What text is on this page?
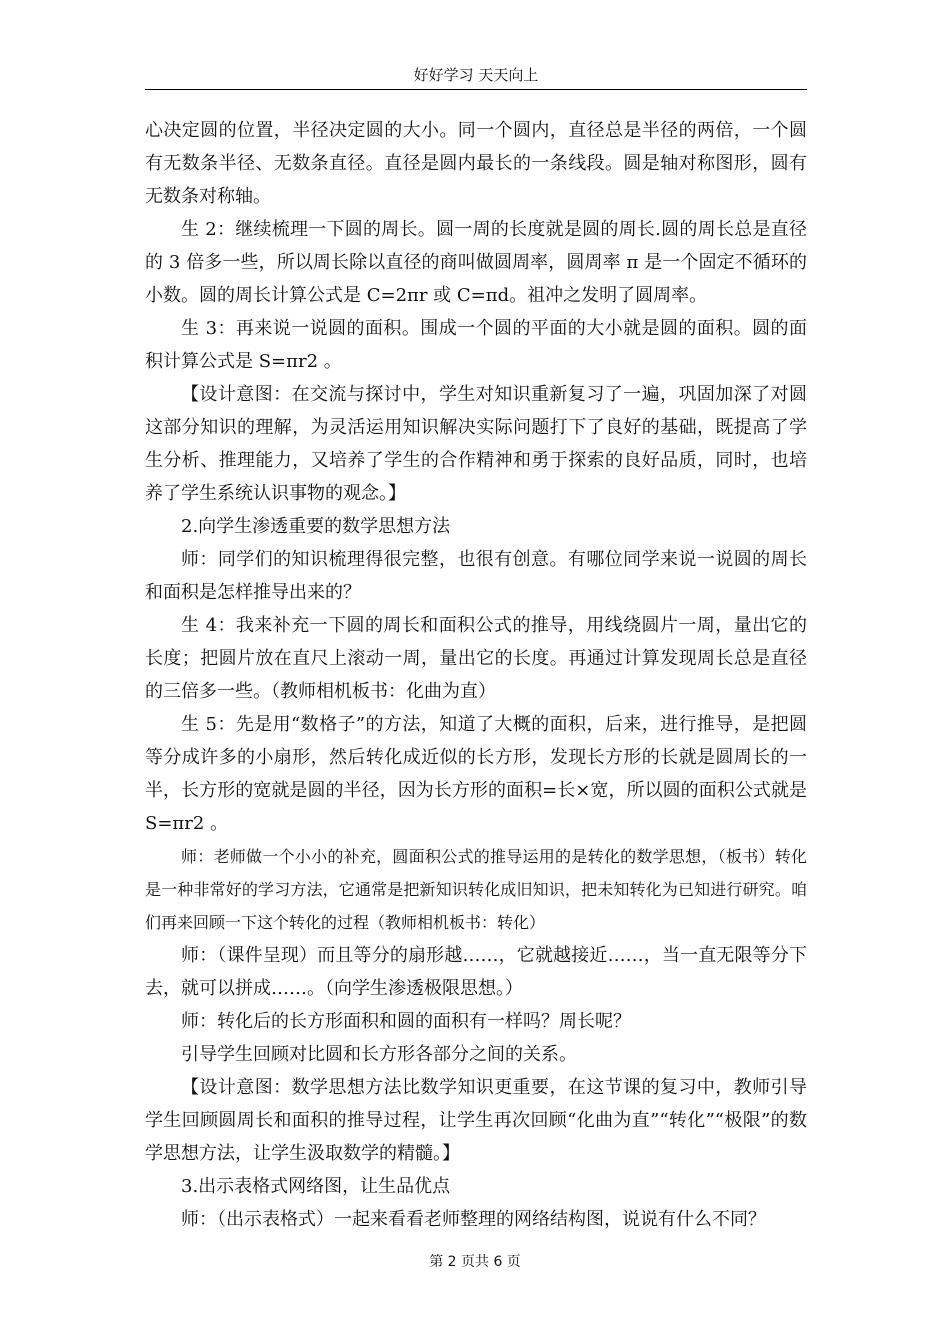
好好学习 天天向上

心决定圆的位置，半径决定圆的大小。同一个圆内，直径总是半径的两倍，一个圆有无数条半径、无数条直径。直径是圆内最长的一条线段。圆是轴对称图形，圆有无数条对称轴。

生 2：继续梳理一下圆的周长。圆一周的长度就是圆的周长.圆的周长总是直径的 3 倍多一些，所以周长除以直径的商叫做圆周率，圆周率 π 是一个固定不循环的小数。圆的周长计算公式是 C=2πr 或 C=πd。祖冲之发明了圆周率。

生 3：再来说一说圆的面积。围成一个圆的平面的大小就是圆的面积。圆的面积计算公式是 S=πr2 。

【设计意图：在交流与探讨中，学生对知识重新复习了一遍，巩固加深了对圆这部分知识的理解，为灵活运用知识解决实际问题打下了良好的基础，既提高了学生分析、推理能力，又培养了学生的合作精神和勇于探索的良好品质，同时，也培养了学生系统认识事物的观念。】

2.向学生渗透重要的数学思想方法

师：同学们的知识梳理得很完整，也很有创意。有哪位同学来说一说圆的周长和面积是怎样推导出来的？

生 4：我来补充一下圆的周长和面积公式的推导，用线绕圆片一周，量出它的长度；把圆片放在直尺上滚动一周，量出它的长度。再通过计算发现周长总是直径的三倍多一些。（教师相机板书：化曲为直）

生 5：先是用“数格子”的方法，知道了大概的面积，后来，进行推导，是把圆等分成许多的小扇形，然后转化成近似的长方形，发现长方形的长就是圆周长的一半，长方形的宽就是圆的半径，因为长方形的面积=长×宽，所以圆的面积公式就是 S=πr2 。

师：老师做一个小小的补充，圆面积公式的推导运用的是转化的数学思想，（板书）转化是一种非常好的学习方法，它通常是把新知识转化成旧知识，把未知转化为已知进行研究。咱们再来回顾一下这个转化的过程（教师相机板书：转化）

师：（课件呈现）而且等分的扇形越……，它就越接近……，当一直无限等分下去，就可以拼成……。（向学生渗透极限思想。）

师：转化后的长方形面积和圆的面积有一样吗？周长呢？

引导学生回顾对比圆和长方形各部分之间的关系。

【设计意图：数学思想方法比数学知识更重要，在这节课的复习中，教师引导学生回顾圆周长和面积的推导过程，让学生再次回顾“化曲为直”“转化”“极限”的数学思想方法，让学生汲取数学的精髓。】

3.出示表格式网络图，让生品优点

师：（出示表格式）一起来看看老师整理的网络结构图，说说有什么不同？

第 2 页共 6 页
